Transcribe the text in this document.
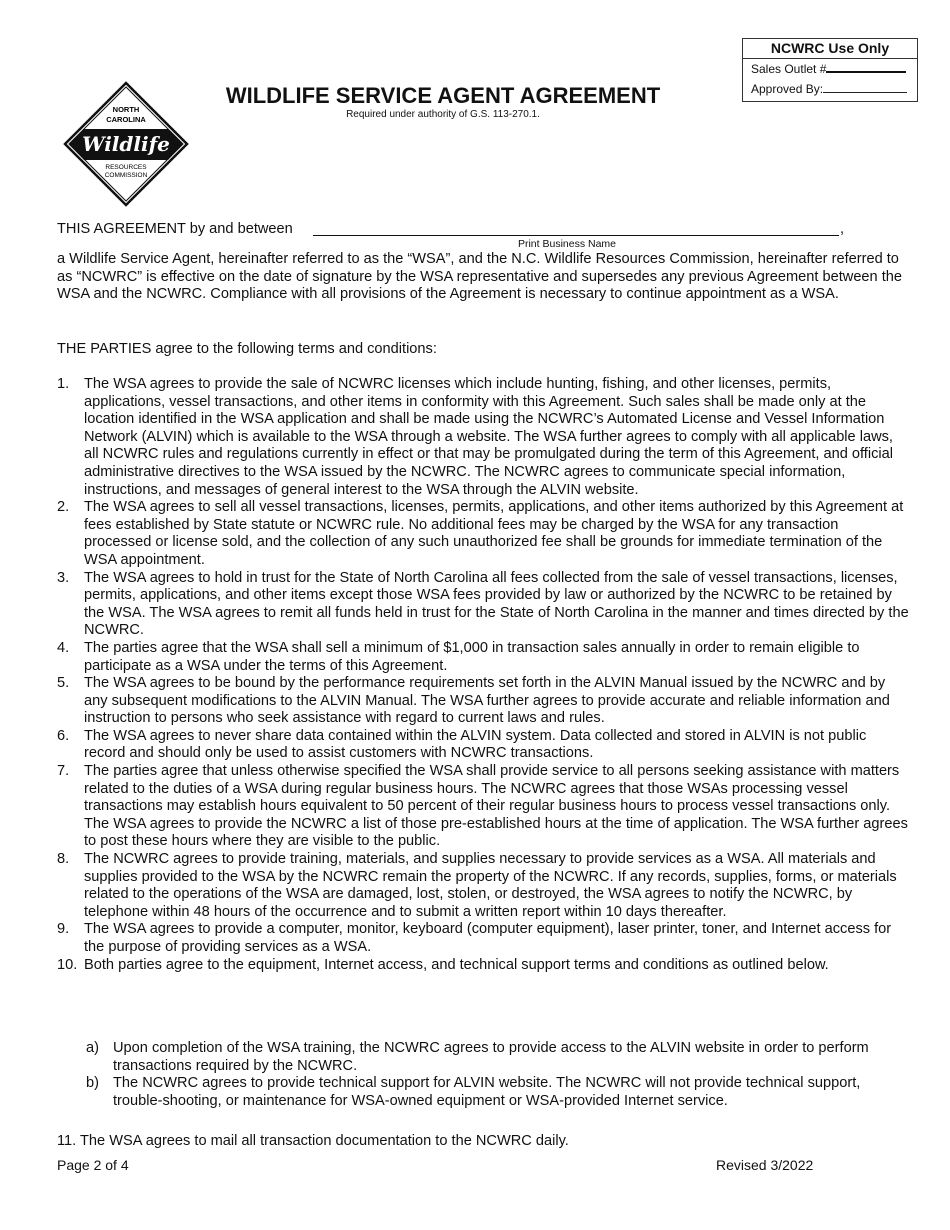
NCWRC Use Only
Sales Outlet #
Approved By:
NORTH
CAROLINA
Wildlife
RESOURCES
COMMISSION
WILDLIFE SERVICE AGENT AGREEMENT
Required under authority of G.S. 113-270.1.
THIS AGREEMENT by and between	,
Print Business Name
a Wildlife Service Agent, hereinafter referred to as the “WSA”, and the N.C. Wildlife Resources Commission, hereinafter referred to as “NCWRC” is effective on the date of signature by the WSA representative and supersedes any previous Agreement between the WSA and the NCWRC. Compliance with all provisions of the Agreement is necessary to continue appointment as a WSA.
THE PARTIES agree to the following terms and conditions:
1. The WSA agrees to provide the sale of NCWRC licenses which include hunting, fishing, and other licenses, permits, applications, vessel transactions, and other items in conformity with this Agreement. Such sales shall be made only at the location identified in the WSA application and shall be made using the NCWRC’s Automated License and Vessel Information Network (ALVIN) which is available to the WSA through a website. The WSA further agrees to comply with all applicable laws, all NCWRC rules and regulations currently in effect or that may be promulgated during the term of this Agreement, and official administrative directives to the WSA issued by the NCWRC. The NCWRC agrees to communicate special information, instructions, and messages of general interest to the WSA through the ALVIN website.
2. The WSA agrees to sell all vessel transactions, licenses, permits, applications, and other items authorized by this Agreement at fees established by State statute or NCWRC rule. No additional fees may be charged by the WSA for any transaction processed or license sold, and the collection of any such unauthorized fee shall be grounds for immediate termination of the WSA appointment.
3. The WSA agrees to hold in trust for the State of North Carolina all fees collected from the sale of vessel transactions, licenses, permits, applications, and other items except those WSA fees provided by law or authorized by the NCWRC to be retained by the WSA. The WSA agrees to remit all funds held in trust for the State of North Carolina in the manner and times directed by the NCWRC.
4. The parties agree that the WSA shall sell a minimum of $1,000 in transaction sales annually in order to remain eligible to participate as a WSA under the terms of this Agreement.
5. The WSA agrees to be bound by the performance requirements set forth in the ALVIN Manual issued by the NCWRC and by any subsequent modifications to the ALVIN Manual. The WSA further agrees to provide accurate and reliable information and instruction to persons who seek assistance with regard to current laws and rules.
6. The WSA agrees to never share data contained within the ALVIN system. Data collected and stored in ALVIN is not public record and should only be used to assist customers with NCWRC transactions.
7. The parties agree that unless otherwise specified the WSA shall provide service to all persons seeking assistance with matters related to the duties of a WSA during regular business hours. The NCWRC agrees that those WSAs processing vessel transactions may establish hours equivalent to 50 percent of their regular business hours to process vessel transactions only. The WSA agrees to provide the NCWRC a list of those pre-established hours at the time of application. The WSA further agrees to post these hours where they are visible to the public.
8. The NCWRC agrees to provide training, materials, and supplies necessary to provide services as a WSA. All materials and supplies provided to the WSA by the NCWRC remain the property of the NCWRC. If any records, supplies, forms, or materials related to the operations of the WSA are damaged, lost, stolen, or destroyed, the WSA agrees to notify the NCWRC, by telephone within 48 hours of the occurrence and to submit a written report within 10 days thereafter.
9. The WSA agrees to provide a computer, monitor, keyboard (computer equipment), laser printer, toner, and Internet access for the purpose of providing services as a WSA.
10. Both parties agree to the equipment, Internet access, and technical support terms and conditions as outlined below.
a) Upon completion of the WSA training, the NCWRC agrees to provide access to the ALVIN website in order to perform transactions required by the NCWRC.
b) The NCWRC agrees to provide technical support for ALVIN website. The NCWRC will not provide technical support, trouble-shooting, or maintenance for WSA-owned equipment or WSA-provided Internet service.
11. The WSA agrees to mail all transaction documentation to the NCWRC daily.
Page 2 of 4	Revised 3/2022
